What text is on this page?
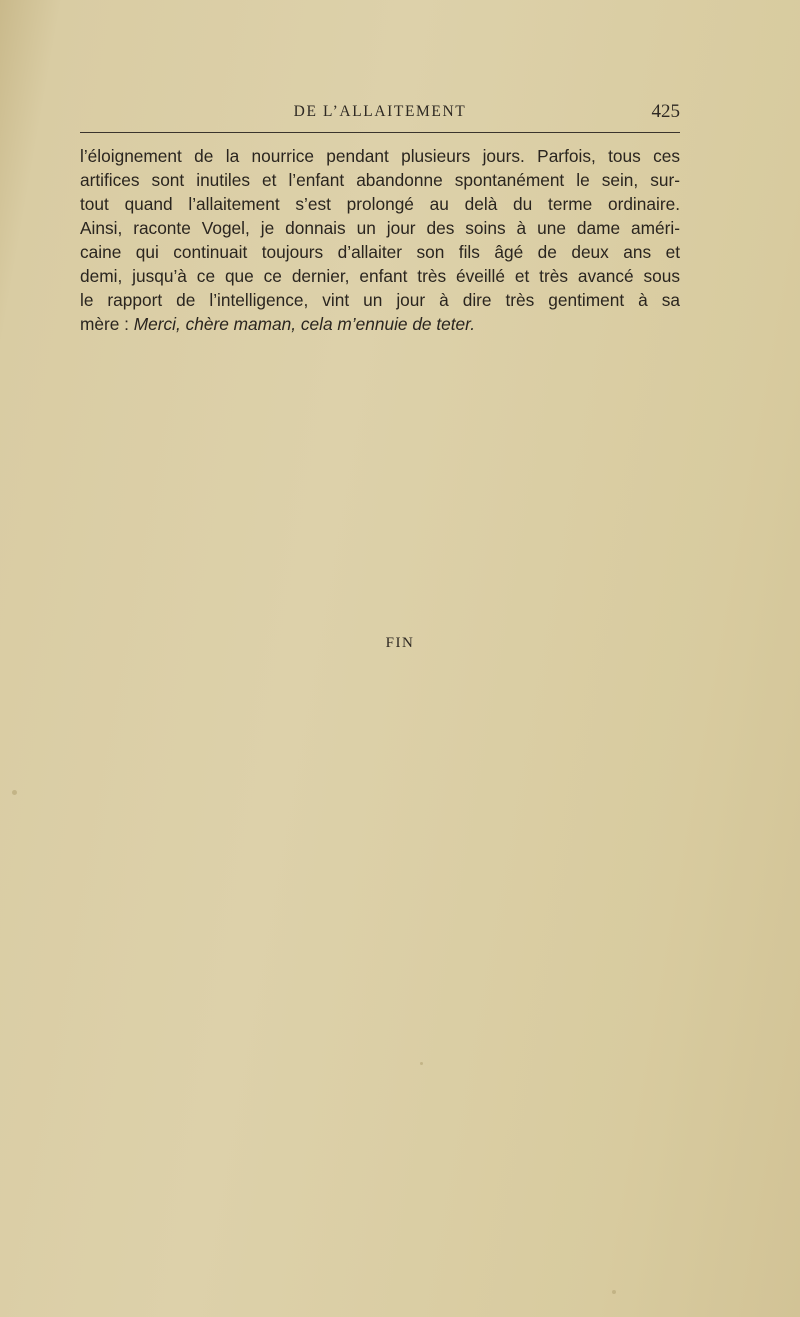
DE L’ALLAITEMENT	425
l’éloignement de la nourrice pendant plusieurs jours. Parfois, tous ces
artifices sont inutiles et l’enfant abandonne spontanément le sein, sur-
tout quand l’allaitement s’est prolongé au delà du terme ordinaire.
Ainsi, raconte Vogel, je donnais un jour des soins à une dame améri-
caine qui continuait toujours d’allaiter son fils âgé de deux ans et
demi, jusqu’à ce que ce dernier, enfant très éveillé et très avancé sous
le rapport de l’intelligence, vint un jour à dire très gentiment à sa
mère : Merci, chère maman, cela m’ennuie de teter.
FIN
